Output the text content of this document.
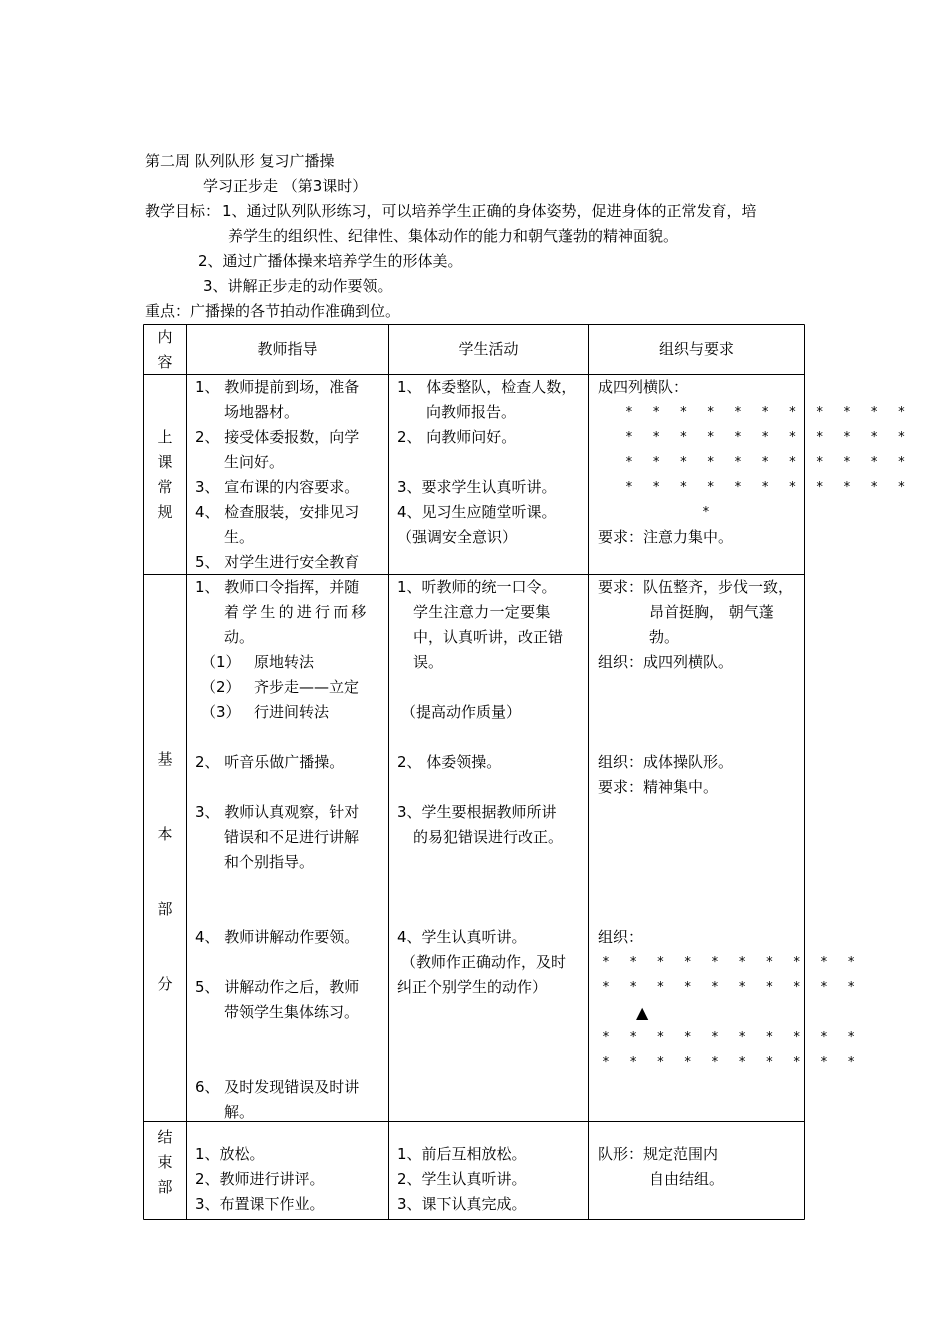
第二周 队列队形 复习广播操
学习正步走 （第3课时）
教学目标： 1、通过队列队形练习，可以培养学生正确的身体姿势，促进身体的正常发育，培
养学生的组织性、纪律性、集体动作的能力和朝气蓬勃的精神面貌。
2、通过广播体操来培养学生的形体美。
3、讲解正步走的动作要领。
重点：广播操的各节拍动作准确到位。
内
容
教师指导	学生活动	组织与要求
上课常规
1、 教师提前到场，准备
场地器材。
2、 接受体委报数，向学
生问好。
3、 宣布课的内容要求。
4、 检查服装，安排见习
生。
5、 对学生进行安全教育
1、 体委整队，检查人数，
向教师报告。
2、 向教师问好。
3、要求学生认真听讲。
4、见习生应随堂听课。
（强调安全意识）
成四列横队：
* * * * * * * * * * *
* * * * * * * * * * *
* * * * * * * * * * *
* * * * * * * * * * *
*
要求：注意力集中。
基
本
部
分
1、 教师口令指挥，并随
着学生的进行而移
动。
（1） 原地转法
（2） 齐步走——立定
（3） 行进间转法
2、 听音乐做广播操。
3、 教师认真观察，针对
错误和不足进行讲解
和个别指导。
4、 教师讲解动作要领。
5、 讲解动作之后，教师
带领学生集体练习。
6、 及时发现错误及时讲
解。
1、听教师的统一口令。
学生注意力一定要集
中，认真听讲，改正错
误。
（提高动作质量）
2、 体委领操。
3、学生要根据教师所讲
的易犯错误进行改正。
4、学生认真听讲。
（教师作正确动作，及时
纠正个别学生的动作）
要求：队伍整齐，步伐一致，
昂首挺胸， 朝气蓬
勃。
组织：成四列横队。
组织：成体操队形。
要求：精神集中。
组织：
* * * * * * * * * *
* * * * * * * * * *
▲
* * * * * * * * * *
* * * * * * * * * *
结
束
部
1、放松。
2、教师进行讲评。
3、布置课下作业。
1、前后互相放松。
2、学生认真听讲。
3、课下认真完成。
队形：规定范围内
自由结组。
